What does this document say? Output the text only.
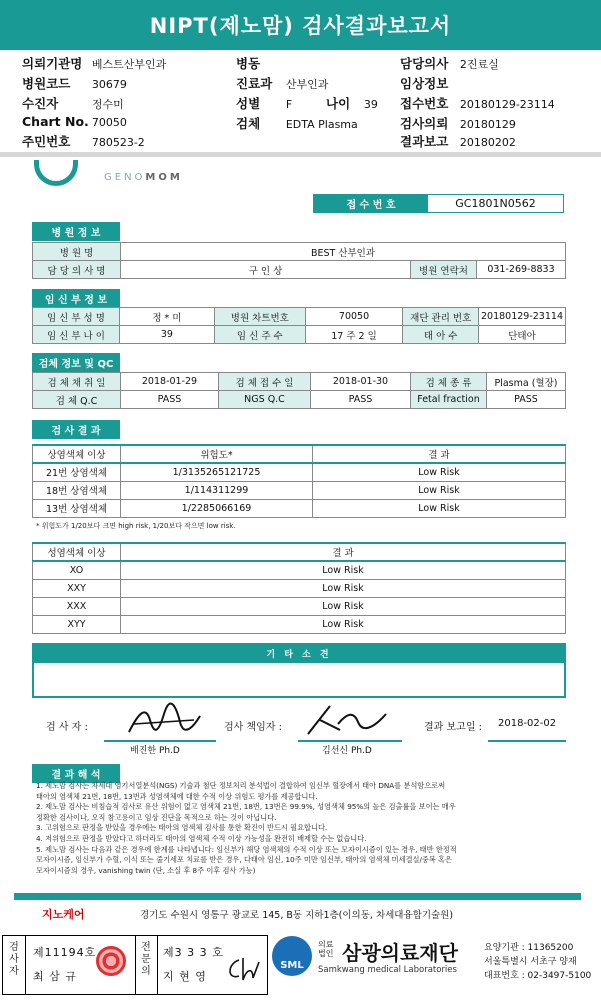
NIPT(제노맘) 검사결과보고서
의뢰기관명 베스트산부인과
병원코드 30679
수진자	정수미
Chart No. 70050
주민번호 780523-2
병동
진료과 산부인과
성별 F	나이 39
검체 EDTA Plasma
담당의사 2진료실
임상정보
접수번호 20180129-23114
검사의뢰 20180129
결과보고 20180202
GENOMOM
접 수 번 호	GC1801N0562
병 원 정 보
병 원 명	BEST 산부인과		
담 당 의 사 명	구 인 상	병원 연락처	031-269-8833
임 신 부 정 보
임 신 부 성 명	정 * 미	병원 차트번호	70050	재단 관리 번호	20180129-23114
임 신 부 나 이	39	임 신 주 수	17 주 2 일	태 아 수	단태아
검체 정보 및 QC
검 체 채 취 일	2018-01-29	검 체 접 수 일	2018-01-30	검 체 종 류	Plasma (혈장)
검 체 Q.C	PASS	NGS Q.C	PASS	Fetal fraction	PASS
검 사 결 과
상염색체 이상	위험도*	결 과
21번 상염색체	1/3135265121725	Low Risk
18번 상염색체	1/114311299	Low Risk
13번 상염색체	1/2285066169	Low Risk
* 위험도가 1/20보다 크면 high risk, 1/20보다 작으면 low risk.
성염색체 이상	결 과
XO	Low Risk
XXY	Low Risk
XXX	Low Risk
XYY	Low Risk
기 타 소 견
검 사 자 :
배진한 Ph.D
검사 책임자 :
김선신 Ph.D
결과 보고일 : 2018-02-02
결 과 해 석
1. 제노맘 검사는 차세대 염기서열분석(NGS) 기술과 첨단 정보처리 분석법이 결합하여 임신부 혈장에서 태아 DNA를 분석함으로써
태아의 염색체 21번, 18번, 13번과 성염색체에 대한 수적 이상 위험도 평가를 제공합니다.
2. 제노맘 검사는 비침습적 검사로 유산 위험이 없고 염색체 21번, 18번, 13번은 99.9%, 성염색체 95%의 높은 검출률을 보이는 매우
정확한 검사이나, 오직 참고용이고 임상 진단을 목적으로 하는 것이 아닙니다.
3. 고위험으로 판정을 받았을 경우에는 태아의 염색체 검사를 통한 확진이 반드시 필요합니다.
4. 저위험으로 판정을 받았다고 하더라도 태아의 염색체 수적 이상 가능성을 완전히 배제할 수는 없습니다.
5. 제노맘 검사는 다음과 같은 경우에 한계를 나타냅니다: 임신부가 해당 염색체의 수적 이상 또는 모자이시즘이 있는 경우, 태반 한정적
모자이시즘, 임신부가 수혈, 이식 또는 줄기세포 치료를 받은 경우, 다태아 임신, 10주 미만 임신부, 태아의 염색체 미세결실/중복 혹은
모자이시즘의 경우, vanishing twin (단, 소실 후 8주 이후 검사 가능)
지노케어	경기도 수원시 영통구 광교로 145, B동 지하1층(이의동, 차세대융합기술원)
검사자
제11194호
최 삼 규
전문의
제3 3 3 호
지 현 영
SML
의료
법인 삼광의료재단
Samkwang medical Laboratories
요양기관 : 11365200
서울특별시 서초구 양재
대표번호 : 02-3497-5100
